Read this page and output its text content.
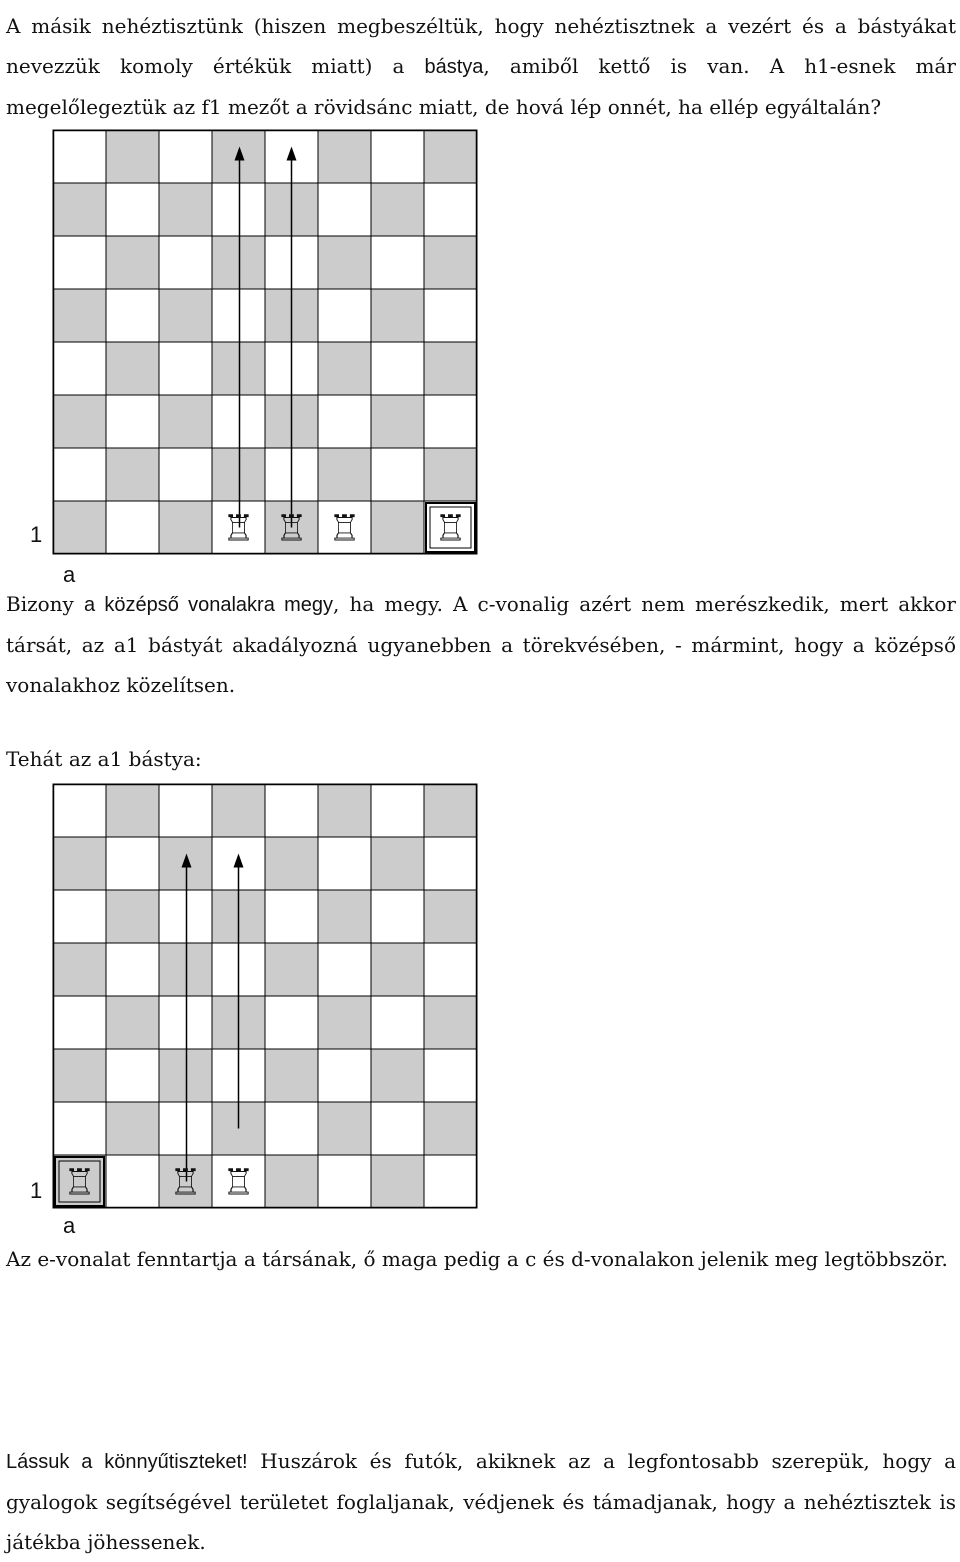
A másik nehéztisztünk (hiszen megbeszéltük, hogy nehéztisztnek a vezért és a bástyákat nevezzük komoly értékük miatt) a bástya, amiből kettő is van. A h1-esnek már megelőlegeztük az f1 mezőt a rövidsánc miatt, de hová lép onnét, ha ellép egyáltalán?

♖ ♖ ♖ ♖
1
a

Bizony a középső vonalakra megy, ha megy. A c-vonalig azért nem merészkedik, mert akkor társát, az a1 bástyát akadályozná ugyanebben a törekvésében, - mármint, hogy a középső vonalakhoz közelítsen.

Tehát az a1 bástya:

♖ ♖ ♖
1
a

Az e-vonalat fenntartja a társának, ő maga pedig a c és d-vonalakon jelenik meg legtöbbször.

Lássuk a könnyűtiszteket! Huszárok és futók, akiknek az a legfontosabb szerepük, hogy a gyalogok segítségével területet foglaljanak, védjenek és támadjanak, hogy a nehéztisztek is játékba jöhessenek.
